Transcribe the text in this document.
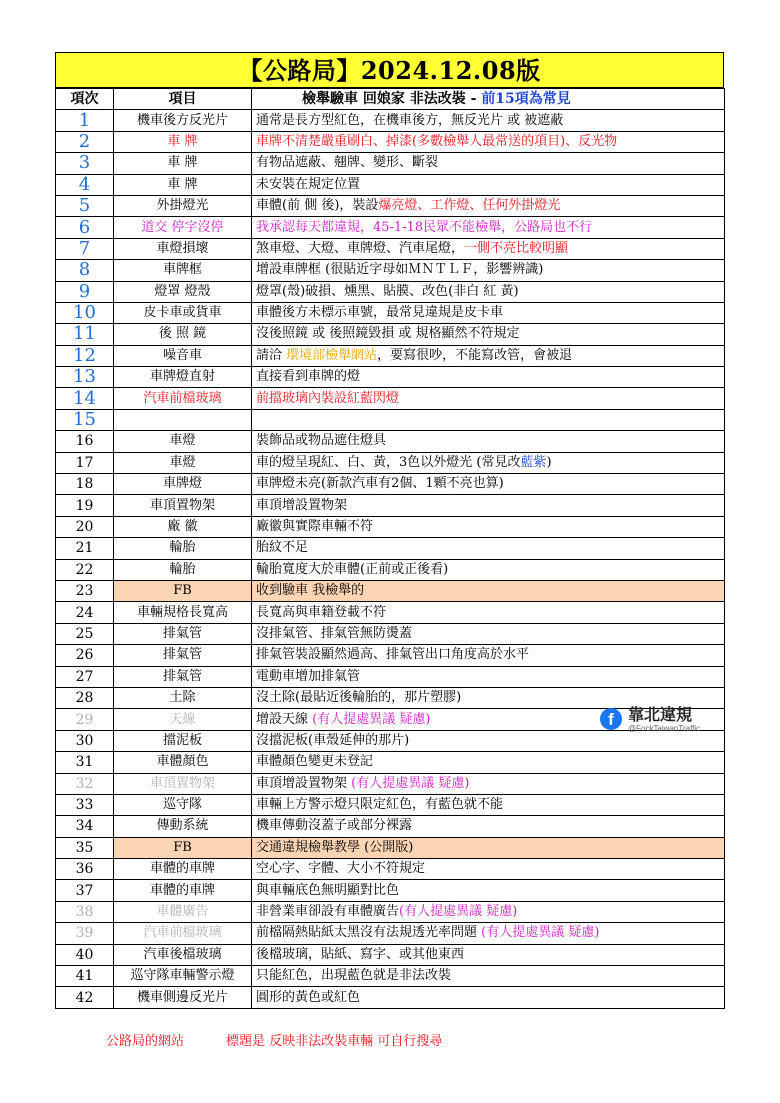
【公路局】2024.12.08版
項次	項目	檢舉驗車 回娘家 非法改裝 - 前15項為常見
1	機車後方反光片	通常是長方型紅色，在機車後方，無反光片 或 被遮蔽
2	車 牌	車牌不清楚嚴重刷白、掉漆(多數檢舉人最常送的項目)、反光物
3	車 牌	有物品遮蔽、翹牌、變形、斷裂
4	車 牌	未安裝在規定位置
5	外掛燈光	車體(前 側 後)，裝設爆亮燈、工作燈、任何外掛燈光
6	道交 停字沒停	我承認每天都違規，45-1-18民眾不能檢舉，公路局也不行
7	車燈損壞	煞車燈、大燈、車牌燈、汽車尾燈，一側不亮比較明顯
8	車牌框	增設車牌框 (很貼近字母如ＭＮＴＬＦ，影響辨識)
9	燈罩 燈殼	燈罩(殼)破損、燻黑、貼膜、改色(非白 紅 黃)
10	皮卡車或貨車	車體後方未標示車號，最常見違規是皮卡車
11	後 照 鏡	沒後照鏡 或 後照鏡毀損 或 規格顯然不符規定
12	噪音車	請洽 環境部檢舉網站，要寫很吵，不能寫改管，會被退
13	車牌燈直射	直接看到車牌的燈
14	汽車前檔玻璃	前擋玻璃內裝設紅藍閃燈
15		
16	車燈	裝飾品或物品遮住燈具
17	車燈	車的燈呈現紅、白、黃，3色以外燈光 (常見改藍紫)
18	車牌燈	車牌燈未亮(新款汽車有2個、1顆不亮也算)
19	車頂置物架	車頂增設置物架
20	廠 徽	廠徽與實際車輛不符
21	輪胎	胎紋不足
22	輪胎	輪胎寬度大於車體(正前或正後看)
23	FB	收到驗車 我檢舉的
24	車輛規格長寬高	長寬高與車籍登載不符
25	排氣管	沒排氣管、排氣管無防燙蓋
26	排氣管	排氣管裝設顯然過高、排氣管出口角度高於水平
27	排氣管	電動車增加排氣管
28	土除	沒土除(最貼近後輪胎的，那片塑膠)
29	天線	增設天線 (有人提處異議 疑慮)
30	擋泥板	沒擋泥板(車殼延伸的那片)
31	車體顏色	車體顏色變更未登記
32	車頂置物架	車頂增設置物架 (有人提處異議 疑慮)
33	巡守隊	車輛上方警示燈只限定紅色，有藍色就不能
34	傳動系統	機車傳動沒蓋子或部分裸露
35	FB	交通違規檢舉教學 (公開版)
36	車體的車牌	空心字、字體、大小不符規定
37	車體的車牌	與車輛底色無明顯對比色
38	車體廣告	非營業車卻設有車體廣告(有人提處異議 疑慮)
39	汽車前檔玻璃	前檔隔熱貼紙太黑沒有法規透光率問題 (有人提處異議 疑慮)
40	汽車後檔玻璃	後檔玻璃，貼紙、寫字、或其他東西
41	巡守隊車輛警示燈	只能紅色，出現藍色就是非法改裝
42	機車側邊反光片	圓形的黃色或紅色
f 靠北違規
@FockTaiwanTraffic
公路局的網站	標題是 反映非法改裝車輛 可自行搜尋
